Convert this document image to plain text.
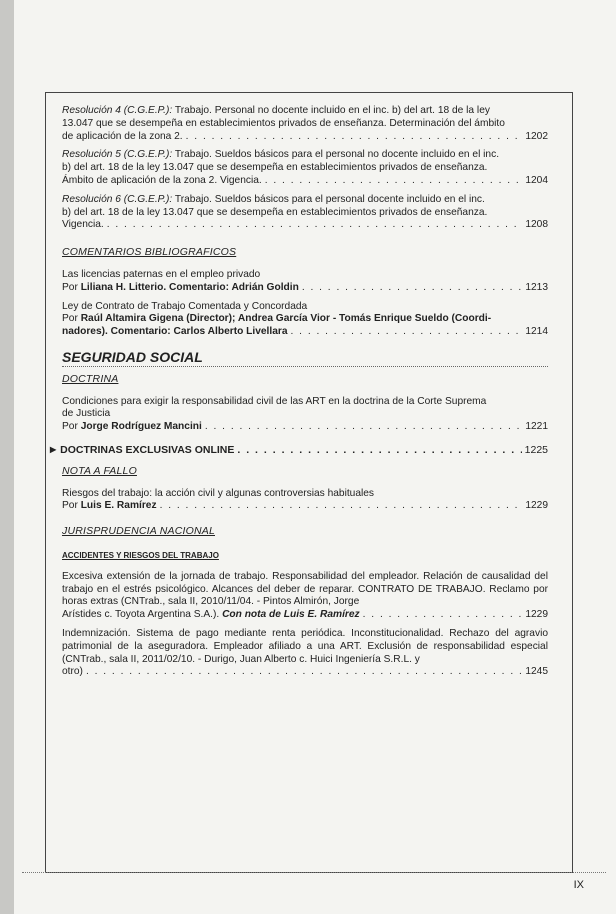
Resolución 4 (C.G.E.P.): Trabajo. Personal no docente incluido en el inc. b) del art. 18 de la ley
13.047 que se desempeña en establecimientos privados de enseñanza. Determinación del ámbito
de aplicación de la zona 2. . . .	1202
Resolución 5 (C.G.E.P.): Trabajo. Sueldos básicos para el personal no docente incluido en el inc.
b) del art. 18 de la ley 13.047 que se desempeña en establecimientos privados de enseñanza.
Ámbito de aplicación de la zona 2. Vigencia. . . .	1204
Resolución 6 (C.G.E.P.): Trabajo. Sueldos básicos para el personal docente incluido en el inc.
b) del art. 18 de la ley 13.047 que se desempeña en establecimientos privados de enseñanza.
Vigencia. . . .	1208
COMENTARIOS BIBLIOGRAFICOS
Las licencias paternas en el empleo privado
Por Liliana H. Litterio. Comentario: Adrián Goldin . . .	1213
Ley de Contrato de Trabajo Comentada y Concordada
Por Raúl Altamira Gigena (Director); Andrea García Vior - Tomás Enrique Sueldo (Coordi-
nadores). Comentario: Carlos Alberto Livellara . . .	1214
SEGURIDAD SOCIAL
DOCTRINA
Condiciones para exigir la responsabilidad civil de las ART en la doctrina de la Corte Suprema
de Justicia
Por Jorge Rodríguez Mancini . . .	1221
▶ DOCTRINAS EXCLUSIVAS ONLINE . . .	1225
NOTA A FALLO
Riesgos del trabajo: la acción civil y algunas controversias habituales
Por Luis E. Ramírez . . .	1229
JURISPRUDENCIA NACIONAL
ACCIDENTES Y RIESGOS DEL TRABAJO
Excesiva extensión de la jornada de trabajo. Responsabilidad del empleador. Relación de causalidad del trabajo en el estrés psicológico. Alcances del deber de reparar. CONTRATO DE TRABAJO. Reclamo por horas extras (CNTrab., sala II, 2010/11/04. - Pintos Almirón, Jorge
Arístides c. Toyota Argentina S.A.). Con nota de Luis E. Ramírez . . .	1229
Indemnización. Sistema de pago mediante renta periódica. Inconstitucionalidad. Rechazo del agravio patrimonial de la aseguradora. Empleador afiliado a una ART. Exclusión de responsabilidad especial (CNTrab., sala II, 2011/02/10. - Durigo, Juan Alberto c. Huici Ingeniería S.R.L. y
otro) . . .	1245
IX
